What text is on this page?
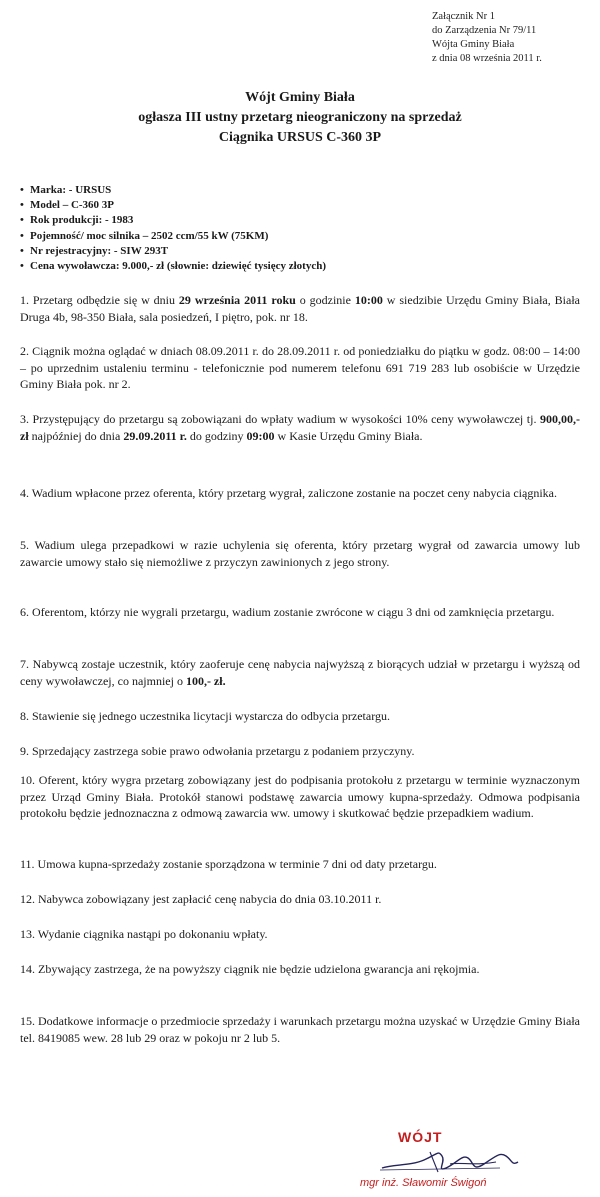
Załącznik Nr 1
do Zarządzenia Nr 79/11
Wójta Gminy Biała
z dnia 08 września 2011 r.
Wójt Gminy Biała
ogłasza III ustny przetarg nieograniczony na sprzedaż
Ciągnika URSUS C-360 3P
• Marka: - URSUS
• Model – C-360 3P
• Rok produkcji: - 1983
• Pojemność/ moc silnika – 2502 ccm/55 kW (75KM)
• Nr rejestracyjny: - SIW 293T
• Cena wywoławcza: 9.000,- zł (słownie: dziewięć tysięcy złotych)
1. Przetarg odbędzie się w dniu 29 września 2011 roku o godzinie 10:00 w siedzibie Urzędu Gminy Biała, Biała Druga 4b, 98-350 Biała, sala posiedzeń, I piętro, pok. nr 18.
2. Ciągnik można oglądać w dniach 08.09.2011 r. do 28.09.2011 r. od poniedziałku do piątku w godz. 08:00 – 14:00 – po uprzednim ustaleniu terminu - telefonicznie pod numerem telefonu 691 719 283 lub osobiście w Urzędzie Gminy Biała pok. nr 2.
3. Przystępujący do przetargu są zobowiązani do wpłaty wadium w wysokości 10% ceny wywoławczej tj. 900,00,- zł najpóźniej do dnia 29.09.2011 r. do godziny 09:00 w Kasie Urzędu Gminy Biała.
4. Wadium wpłacone przez oferenta, który przetarg wygrał, zaliczone zostanie na poczet ceny nabycia ciągnika.
5. Wadium ulega przepadkowi w razie uchylenia się oferenta, który przetarg wygrał od zawarcia umowy lub zawarcie umowy stało się niemożliwe z przyczyn zawinionych z jego strony.
6. Oferentom, którzy nie wygrali przetargu, wadium zostanie zwrócone w ciągu 3 dni od zamknięcia przetargu.
7. Nabywcą zostaje uczestnik, który zaoferuje cenę nabycia najwyższą z biorących udział w przetargu i wyższą od ceny wywoławczej, co najmniej o 100,- zł.
8. Stawienie się jednego uczestnika licytacji wystarcza do odbycia przetargu.
9. Sprzedający zastrzega sobie prawo odwołania przetargu z podaniem przyczyny.
10. Oferent, który wygra przetarg zobowiązany jest do podpisania protokołu z przetargu w terminie wyznaczonym przez Urząd Gminy Biała. Protokół stanowi podstawę zawarcia umowy kupna-sprzedaży. Odmowa podpisania protokołu będzie jednoznaczna z odmową zawarcia ww. umowy i skutkować będzie przepadkiem wadium.
11. Umowa kupna-sprzedaży zostanie sporządzona w terminie 7 dni od daty przetargu.
12. Nabywca zobowiązany jest zapłacić cenę nabycia do dnia 03.10.2011 r.
13. Wydanie ciągnika nastąpi po dokonaniu wpłaty.
14. Zbywający zastrzega, że na powyższy ciągnik nie będzie udzielona gwarancja ani rękojmia.
15. Dodatkowe informacje o przedmiocie sprzedaży i warunkach przetargu można uzyskać w Urzędzie Gminy Biała tel. 8419085 wew. 28 lub 29 oraz w pokoju nr 2 lub 5.
WÓJT
mgr inż. Sławomir Świgoń
